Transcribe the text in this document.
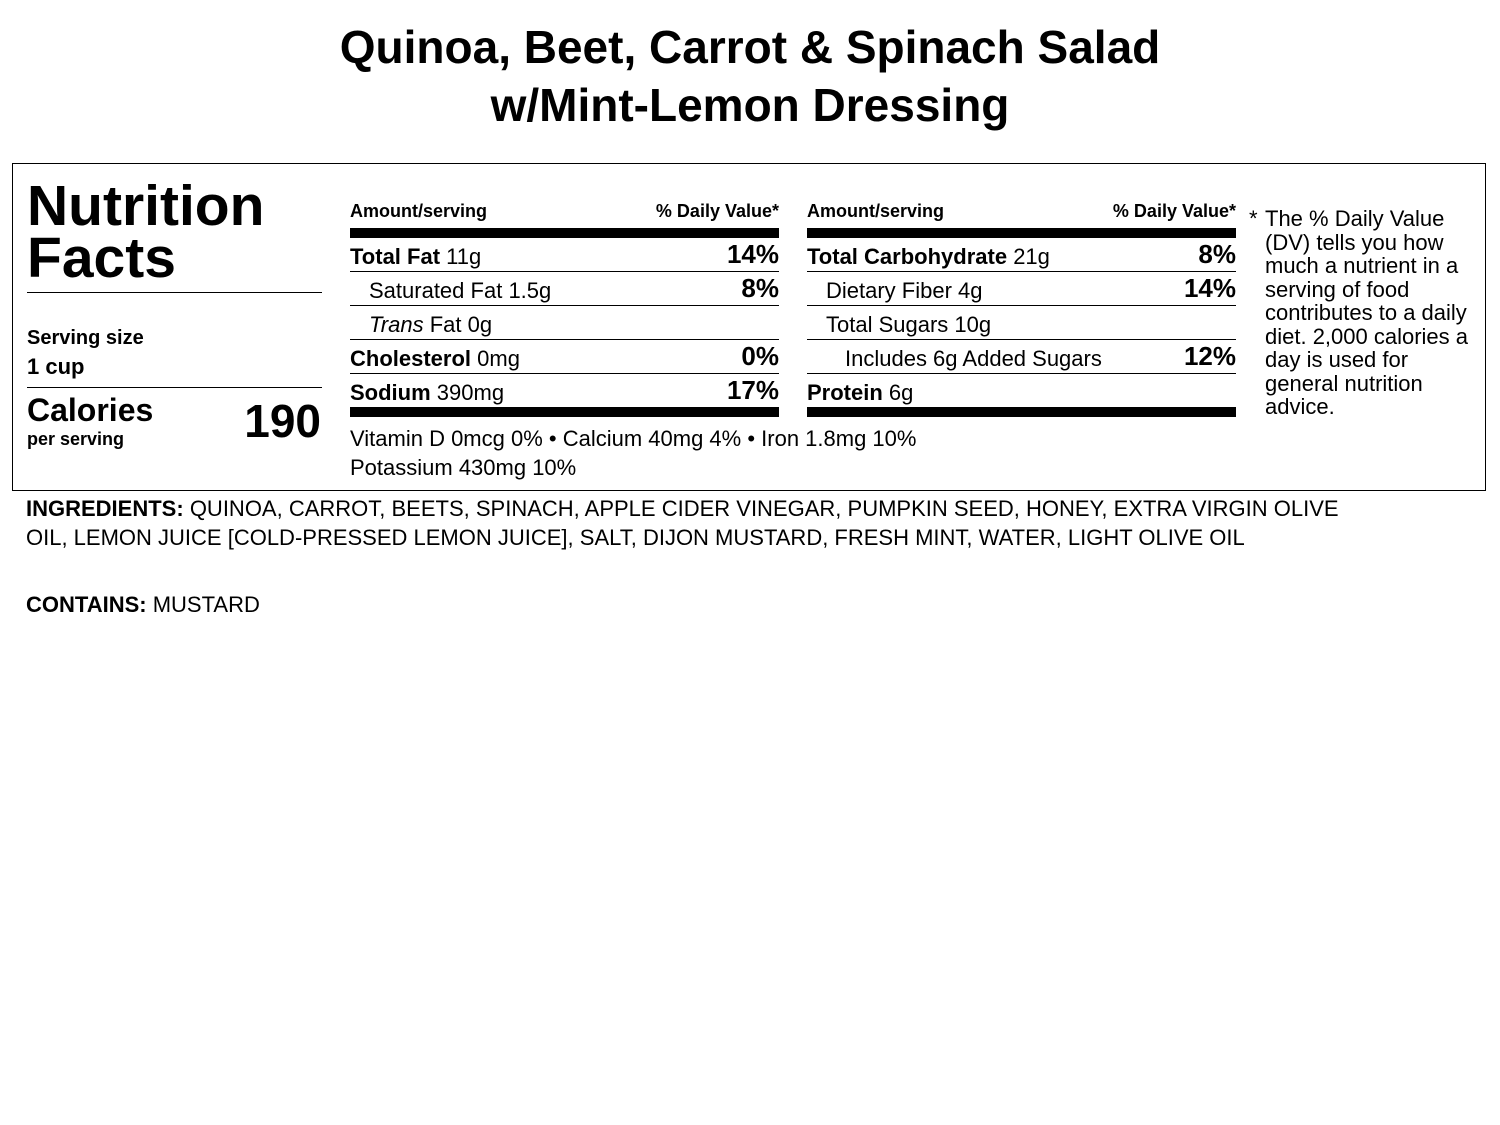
Quinoa, Beet, Carrot & Spinach Salad
w/Mint-Lemon Dressing
Nutrition
Facts
Serving size
1 cup
Calories
per serving	190
Amount/serving	% Daily Value*
Total Fat 11g	14%
Saturated Fat 1.5g	8%
Trans Fat 0g
Cholesterol 0mg	0%
Sodium 390mg	17%
Amount/serving	% Daily Value*
Total Carbohydrate 21g	8%
Dietary Fiber 4g	14%
Total Sugars 10g
Includes 6g Added Sugars	12%
Protein 6g
Vitamin D 0mcg 0% • Calcium 40mg 4% • Iron 1.8mg 10%
Potassium 430mg 10%
* The % Daily Value (DV) tells you how much a nutrient in a serving of food contributes to a daily diet. 2,000 calories a day is used for general nutrition advice.
INGREDIENTS: QUINOA, CARROT, BEETS, SPINACH, APPLE CIDER VINEGAR, PUMPKIN SEED, HONEY, EXTRA VIRGIN OLIVE OIL, LEMON JUICE [COLD-PRESSED LEMON JUICE], SALT, DIJON MUSTARD, FRESH MINT, WATER, LIGHT OLIVE OIL
CONTAINS: MUSTARD
